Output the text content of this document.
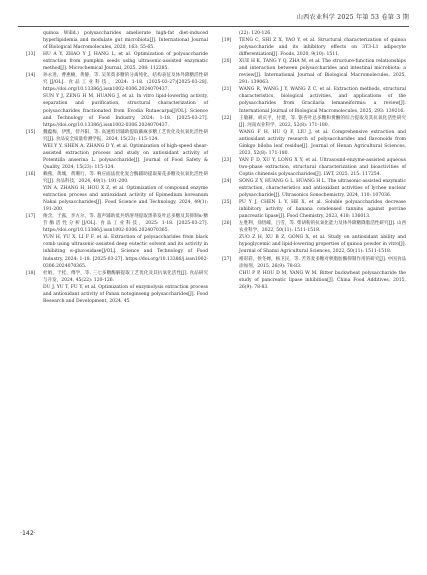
山西农业科学 2025 年第 53 卷第 3 期

quinoa Willd.) polysaccharides ameliorate high-fat diet-induced hyperlipidemia and modulate gut microbiota[J]. International Journal of Biological Macromolecules, 2020, 163: 55-65.

[13] HU A Y, ZHAO Y J, HANG L, et al. Optimization of polysaccharide extraction from pumpkin seeds using ultrasonic-assisted enzymatic method[J]. Microchemical Journal, 2025, 208: 112285.

[14] 孙永进，曹惠楠，黄静，等. 吴茱萸多糖的分离纯化、结构表征及体外降糖活性研究[J/OL]. 食品工业科技，2024: 1-18. (2025-03-27)[2025-03-28]. https://doi.org/10.13386/j.issn1002-0306.2024070437.

SUN Y J, ZENG H M, HUANG J, et al. In vitro lipid-lowering activity, separation and purification, structural characterization of polysaccharides fractionated from Evodia Rutaecarpa[J/OL]. Science and Technology of Food Industry, 2024: 1-18. [2025-03-27]. https://doi.org/10.13386/j.issn1002-0306.2024070437.

[15] 魏蕴梅，伊凯，侍丹阳，等. 高速剪切辅助提取蕨麻多糖工艺优化及抗氧化活性研究[J]. 食品安全质量检测学报，2024, 15(23): 115-124.

WEI Y Y, SHEN A, ZHANG D Y, et al. Optimization of high-speed shear-assisted extraction process and study on antioxidant activity of Potentilla anserina L. polysaccharide[J]. Journal of Food Safety & Quality, 2024, 15(23): 115-124.

[16] 赖燕，黄城，黄珊行，等. 响应面法优化复合酶辅助提取菊花多糖及抗氧化活性研究[J]. 食品科技，2024, 49(1): 191-200.

YIN A, ZHANG H, HOU X Z, et al. Optimization of compound enzyme extraction process and antioxidant activity of Epimedium koreanum Nakai polysaccharides[J]. Food Science and Technology, 2024, 49(1): 191-200.

[17] 俊含，于露，李方尔，等. 超声辅助低共熔溶剂提取黑茶发叶总多糖及其抑制α-糖苷酶活性分析[J/OL]. 食品工业科技，2025: 1-18. [2025-03-27]. https://doi.org/10.13386/j.issn1002-0306.2024070365.

YUN H, YU X, LI F F, et al. Extraction of polysaccharides from black comb using ultrasonic-assisted deep eutectic solvent and its activity in inhibiting α-glucosidase[J/OL]. Science and Technology of Food Industry, 2024: 1-18. [2025-03-27]. https://doi.org/10.13386/j.issn1002-0306.2024070365.

[18] 杜娟，于桂，傅学，等. 三七多糖酶解提取工艺优化及其抗氧化活性[J]. 食品研究与开发，2024, 45(22): 120-126.

DU J, YU T, FU Y, et al. Optimization of enzymolysis extraction process and antioxidant activity of Panax notoginseng polysaccharides[J]. Food Research and Development, 2024, 45

(22): 120-126.

[19] TENG C, SHI Z X, YAO Y, et al. Structural characterization of quinoa polysaccharide and its inhibitory effects on 3T3-L1 adipocyte differentiation[J]. Foods, 2020, 9(10): 1511.

[20] XUE H K, TANG Y Q, ZHA M, et al. The structure-function relationships and interaction between polysaccharides and intestinal microbiota: a review[J]. International Journal of Biological Macromolecules, 2025, 291: 139063.

[21] WANG R, WANG J Y, WANG Z C, et al. Extraction methods, structural characteristics, biological activities, and applications of the polysaccharides from Gracilaria lemaneiformis: a review[J]. International Journal of Biological Macromolecules, 2025, 293: 139216.

[22] 王敏赫，胡庆平，付建，等. 银杏叶总多糖和黄酮的综合提取及其抗氧化活性研究[J]. 河南农业科学，2022, 52(8): 171-180.

WANG F H, HU Q F, LIU J, et al. Comprehensive extraction and antioxidant activity research of polysaccharides and flavonoids from Ginkgo biloba leaf residue[J]. Journal of Henan Agricultural Sciences, 2023, 52(8): 171-180.

[23] YAN F D, XU Y, LONG X Y, et al. Ultrasound-enzyme-assisted aqueous two-phase extraction, structural characterization and bioactivities of Coptis chinensis polysaccharides[J]. LWT, 2025, 215: 117254.

[24] SONG Z Y, HUANG G L, HUANG H L. The ultrasonic-assisted enzymatic extraction, characteristics and antioxidant activities of lychee nuclear polysaccharide[J]. Ultrasonics Sonochemistry, 2024, 110: 107036.

[25] PU Y J, CHEN L Y, HE X, et al. Soluble polysaccharides decrease inhibitory activity of banana condensed tannins against porcine pancreatic lipase[J]. Food Chemistry, 2023, 418: 136013.

[26] 左胜利，徐悟嵘，吕雪，等. 柴胡粉的抗氧化能力及体外降糖降脂活性研究[J]. 山西农业科学，2022, 50(11): 1511-1518.

ZUO Z H, XU B Z, GONG X, et al. Study on antioxidant ability and hypoglycemic and lipid-lowering properties of quinoa powder in vitro[J]. Journal of Shanxi Agricultural Sciences, 2022, 50(11): 1511-1518.

[27] 褚彩彩，侯冬婵，杨卫民，等. 苦荞麦多糖对胰脂肪酶抑制作用的研究[J]. 中国食品添加剂，2015, 26(9): 78-83.

CHU P P, HOU D M, YANG W M. Bitter buckwheat polysaccharide the study of pancreatic lipase inhibition[J]. China Food Additives, 2015, 26(9): 78-83.

·142·
